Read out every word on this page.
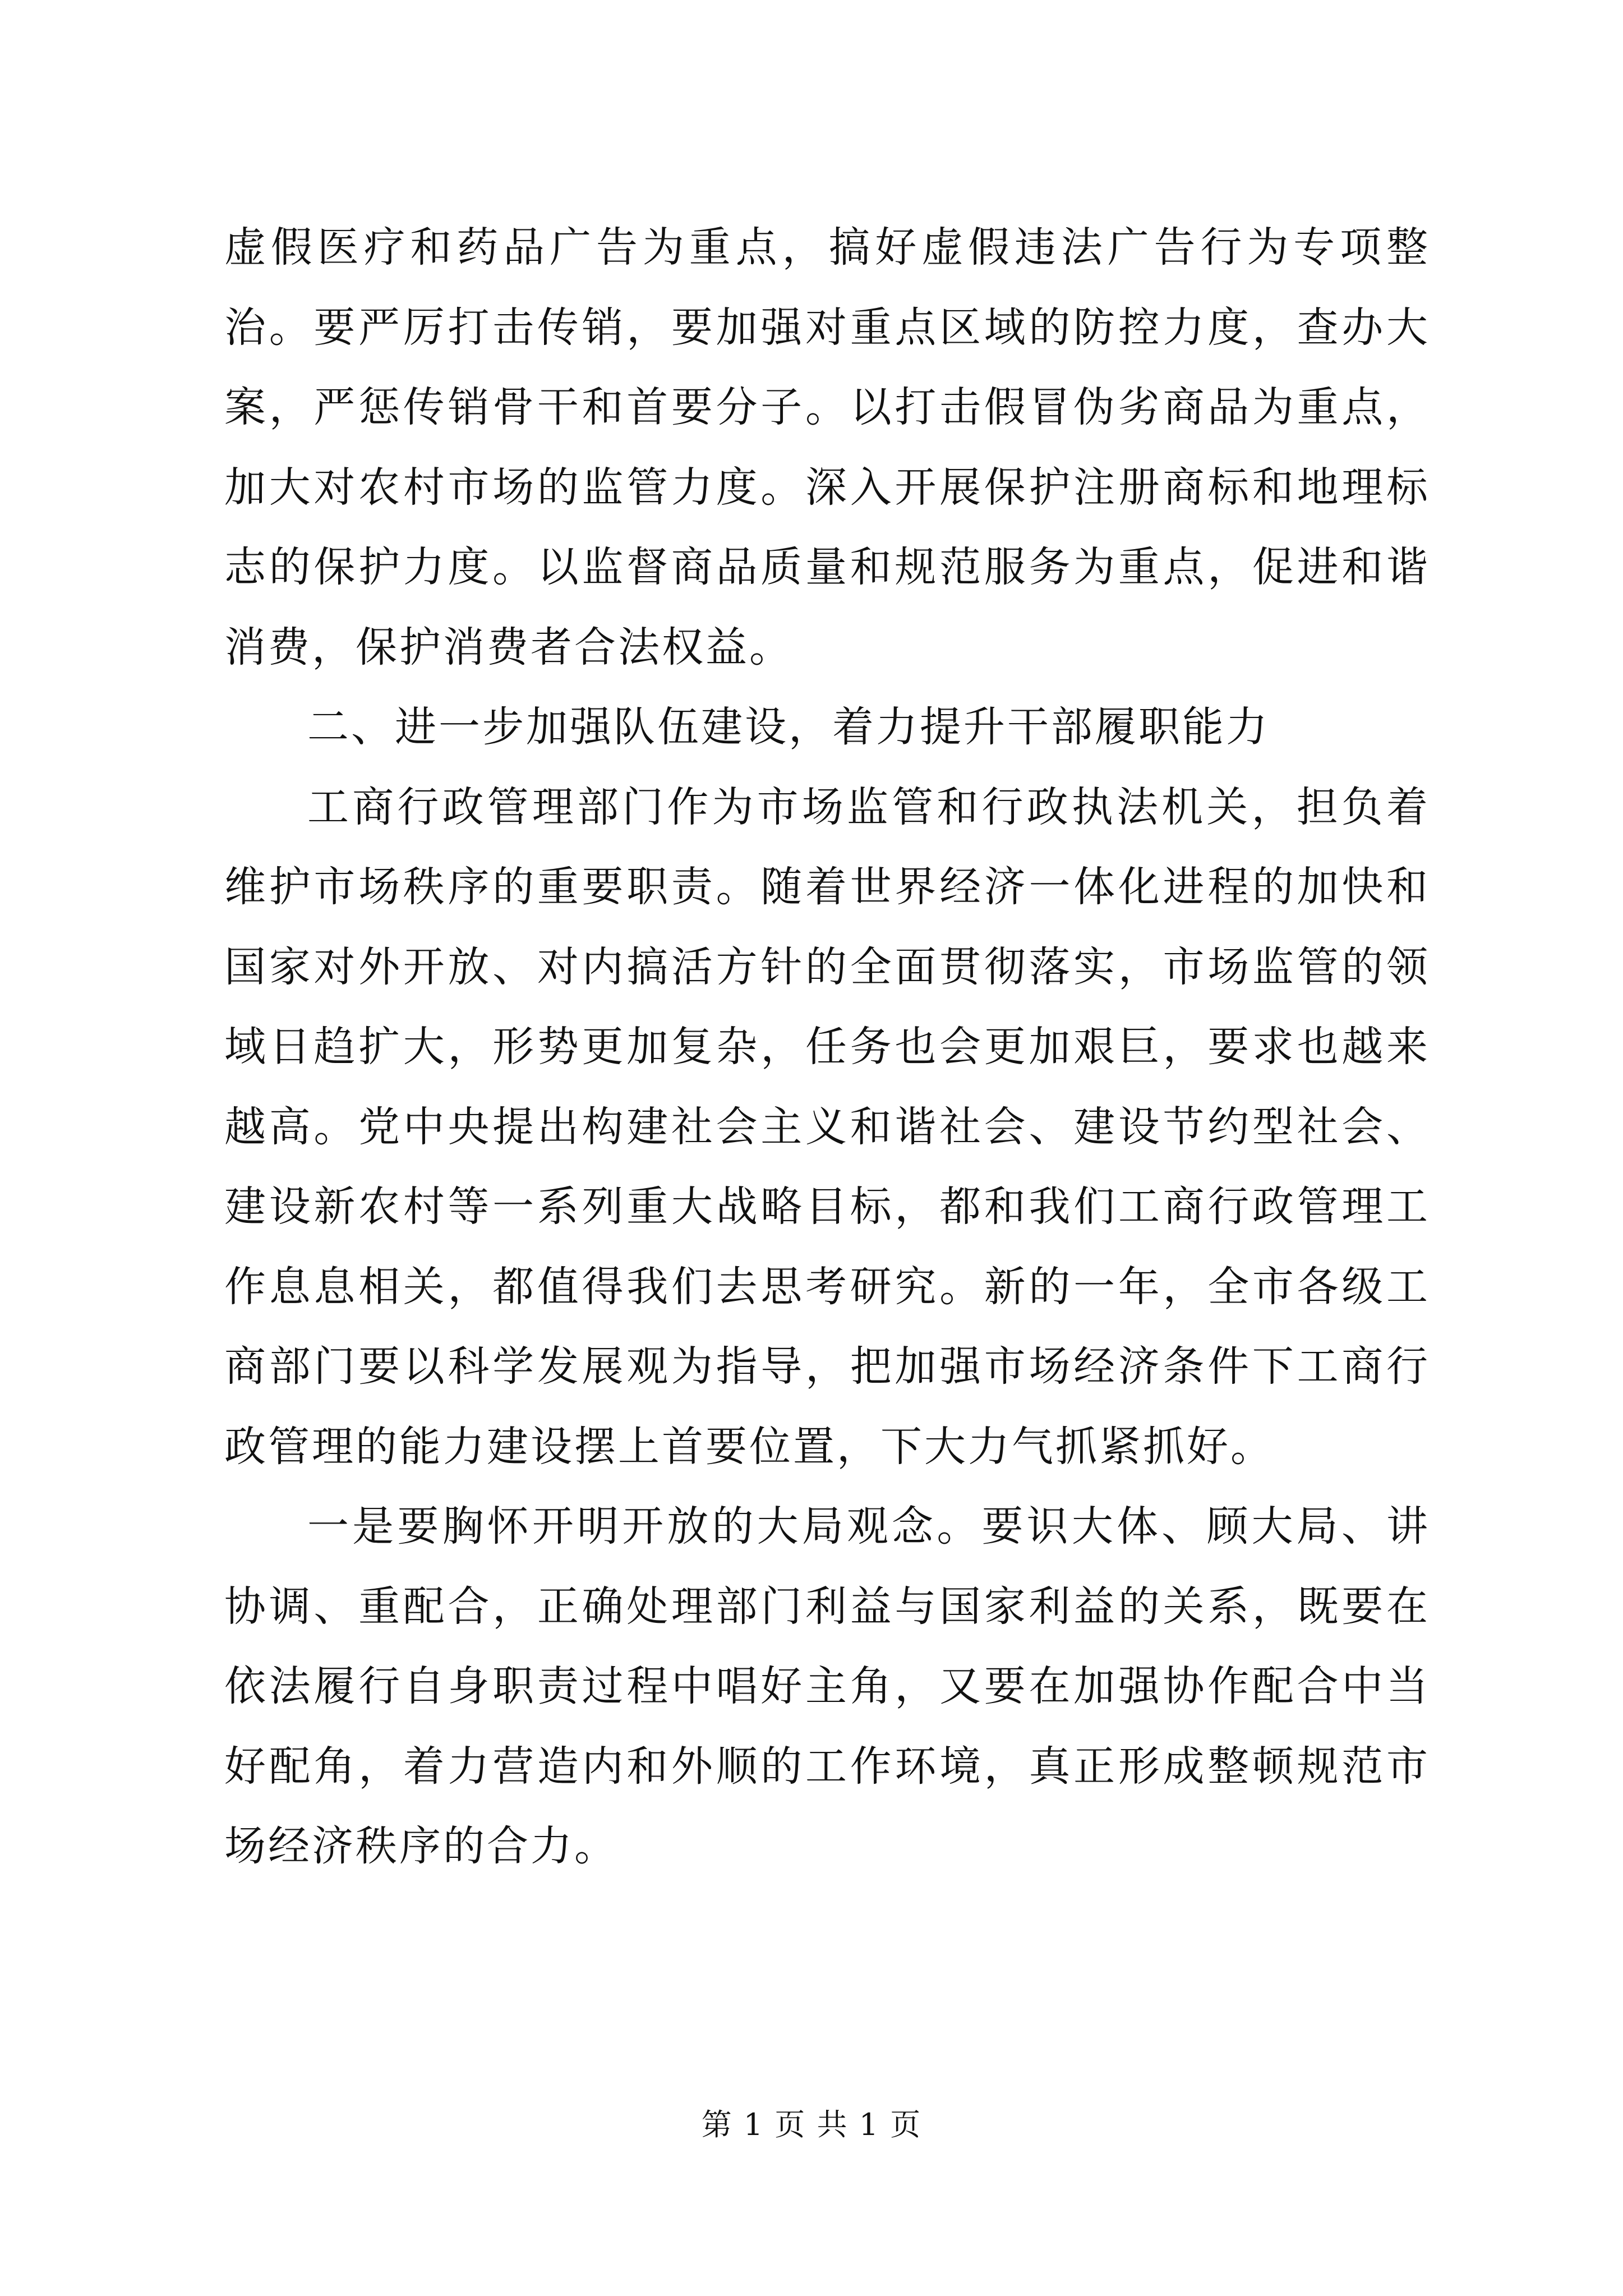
虚假医疗和药品广告为重点，搞好虚假违法广告行为专项整治。要严厉打击传销，要加强对重点区域的防控力度，查办大案，严惩传销骨干和首要分子。以打击假冒伪劣商品为重点，加大对农村市场的监管力度。深入开展保护注册商标和地理标志的保护力度。以监督商品质量和规范服务为重点，促进和谐消费，保护消费者合法权益。

二、进一步加强队伍建设，着力提升干部履职能力

工商行政管理部门作为市场监管和行政执法机关，担负着维护市场秩序的重要职责。随着世界经济一体化进程的加快和国家对外开放、对内搞活方针的全面贯彻落实，市场监管的领域日趋扩大，形势更加复杂，任务也会更加艰巨，要求也越来越高。党中央提出构建社会主义和谐社会、建设节约型社会、建设新农村等一系列重大战略目标，都和我们工商行政管理工作息息相关，都值得我们去思考研究。新的一年，全市各级工商部门要以科学发展观为指导，把加强市场经济条件下工商行政管理的能力建设摆上首要位置，下大力气抓紧抓好。

一是要胸怀开明开放的大局观念。要识大体、顾大局、讲协调、重配合，正确处理部门利益与国家利益的关系，既要在依法履行自身职责过程中唱好主角，又要在加强协作配合中当好配角，着力营造内和外顺的工作环境，真正形成整顿规范市场经济秩序的合力。

第 1 页 共 1 页
